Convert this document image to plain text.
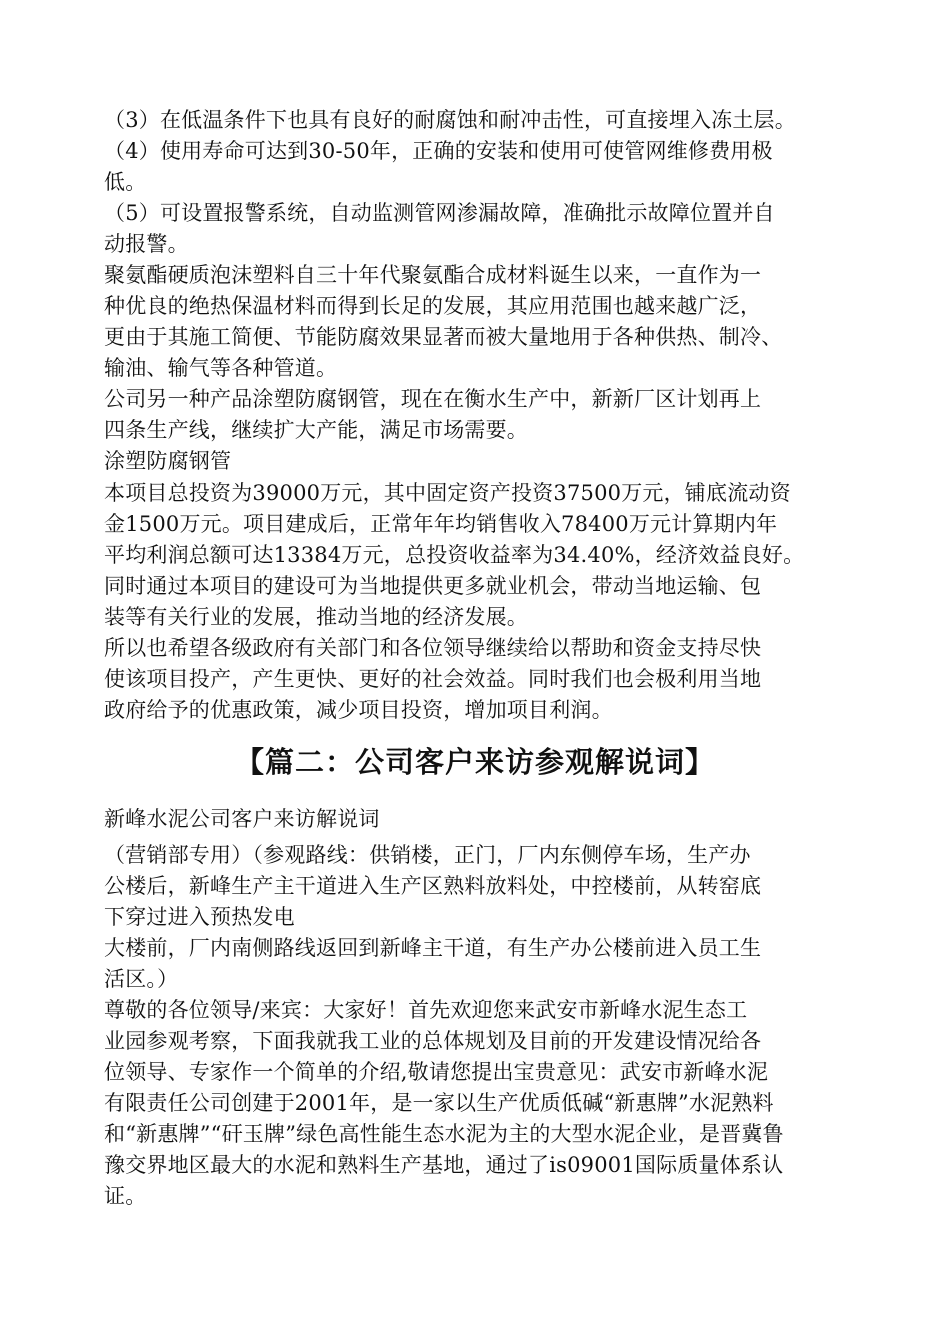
（3）在低温条件下也具有良好的耐腐蚀和耐冲击性，可直接埋入冻土层。
（4）使用寿命可达到30-50年，正确的安装和使用可使管网维修费用极
低。
（5）可设置报警系统，自动监测管网渗漏故障，准确批示故障位置并自
动报警。
聚氨酯硬质泡沫塑料自三十年代聚氨酯合成材料诞生以来，一直作为一
种优良的绝热保温材料而得到长足的发展，其应用范围也越来越广泛，
更由于其施工简便、节能防腐效果显著而被大量地用于各种供热、制冷、
输油、输气等各种管道。
公司另一种产品涂塑防腐钢管，现在在衡水生产中，新新厂区计划再上
四条生产线，继续扩大产能，满足市场需要。
涂塑防腐钢管
本项目总投资为39000万元，其中固定资产投资37500万元，铺底流动资
金1500万元。项目建成后，正常年年均销售收入78400万元计算期内年
平均利润总额可达13384万元，总投资收益率为34.40%，经济效益良好。
同时通过本项目的建设可为当地提供更多就业机会，带动当地运输、包
装等有关行业的发展，推动当地的经济发展。
所以也希望各级政府有关部门和各位领导继续给以帮助和资金支持尽快
使该项目投产，产生更快、更好的社会效益。同时我们也会极利用当地
政府给予的优惠政策，减少项目投资，增加项目利润。
【篇二：公司客户来访参观解说词】
新峰水泥公司客户来访解说词
（营销部专用）（参观路线：供销楼，正门，厂内东侧停车场，生产办
公楼后，新峰生产主干道进入生产区熟料放料处，中控楼前，从转窑底
下穿过进入预热发电
大楼前，厂内南侧路线返回到新峰主干道，有生产办公楼前进入员工生
活区。）
尊敬的各位领导/来宾：大家好！首先欢迎您来武安市新峰水泥生态工
业园参观考察，下面我就我工业的总体规划及目前的开发建设情况给各
位领导、专家作一个简单的介绍,敬请您提出宝贵意见：武安市新峰水泥
有限责任公司创建于2001年，是一家以生产优质低碱“新惠牌”水泥熟料
和“新惠牌”“矸玉牌”绿色高性能生态水泥为主的大型水泥企业，是晋冀鲁
豫交界地区最大的水泥和熟料生产基地，通过了is09001国际质量体系认
证。
